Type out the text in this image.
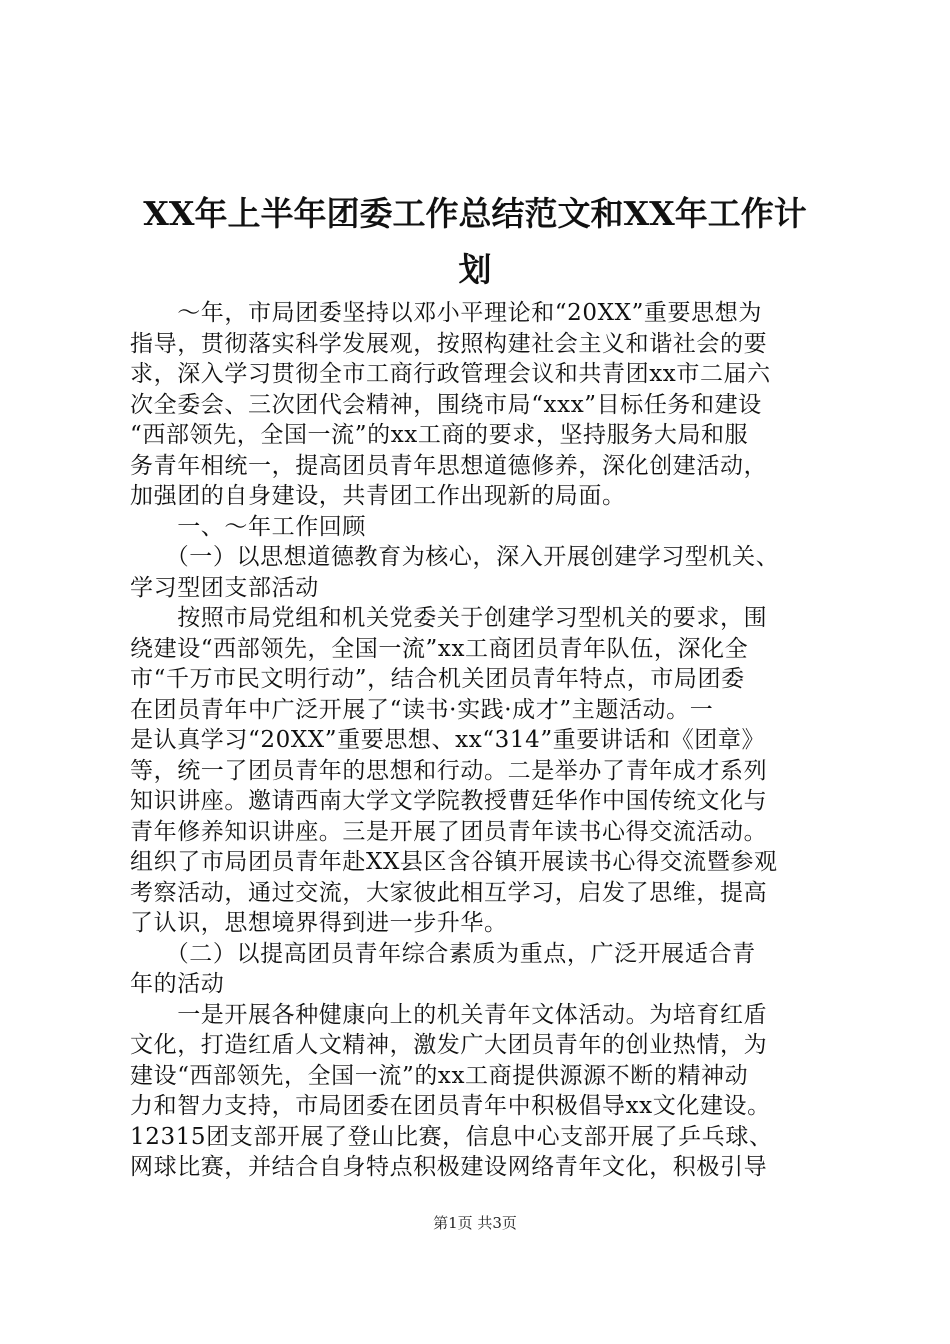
XX年上半年团委工作总结范文和XX年工作计
划
　　～年，市局团委坚持以邓小平理论和“20XX”重要思想为
指导，贯彻落实科学发展观，按照构建社会主义和谐社会的要
求，深入学习贯彻全市工商行政管理会议和共青团xx市二届六
次全委会、三次团代会精神，围绕市局“xxx”目标任务和建设
“西部领先，全国一流”的xx工商的要求，坚持服务大局和服
务青年相统一，提高团员青年思想道德修养，深化创建活动，
加强团的自身建设，共青团工作出现新的局面。
　　一、～年工作回顾
　　（一）以思想道德教育为核心，深入开展创建学习型机关、
学习型团支部活动
　　按照市局党组和机关党委关于创建学习型机关的要求，围
绕建设“西部领先，全国一流”xx工商团员青年队伍，深化全
市“千万市民文明行动”，结合机关团员青年特点，市局团委
在团员青年中广泛开展了“读书·实践·成才”主题活动。一
是认真学习“20XX”重要思想、xx“314”重要讲话和《团章》
等，统一了团员青年的思想和行动。二是举办了青年成才系列
知识讲座。邀请西南大学文学院教授曹廷华作中国传统文化与
青年修养知识讲座。三是开展了团员青年读书心得交流活动。
组织了市局团员青年赴XX县区含谷镇开展读书心得交流暨参观
考察活动，通过交流，大家彼此相互学习，启发了思维，提高
了认识，思想境界得到进一步升华。
　　（二）以提高团员青年综合素质为重点，广泛开展适合青
年的活动
　　一是开展各种健康向上的机关青年文体活动。为培育红盾
文化，打造红盾人文精神，激发广大团员青年的创业热情，为
建设“西部领先，全国一流”的xx工商提供源源不断的精神动
力和智力支持，市局团委在团员青年中积极倡导xx文化建设。
12315团支部开展了登山比赛，信息中心支部开展了乒乓球、
网球比赛，并结合自身特点积极建设网络青年文化，积极引导
第1页 共3页
